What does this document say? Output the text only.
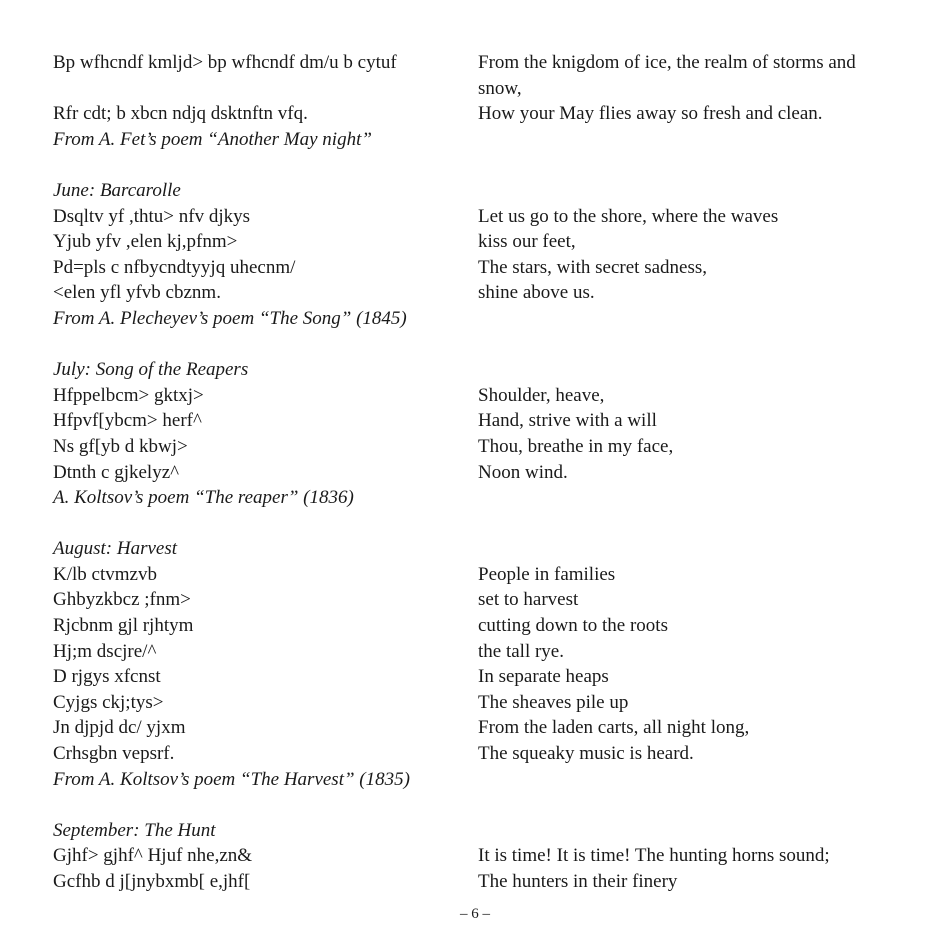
Bp wfhcndf kmljd> bp wfhcndf dm/u b cytuf
Rfr cdt; b xbcn ndjq dsktnftn vfq.
From A. Fet’s poem “Another May night”
June: Barcarolle
Dsqltv yf ,thtu> nfv djkys
Yjub yfv ,elen kj,pfnm>
Pd=pls c nfbycndtyyjq uhecnm/
<elen yfl yfvb cbznm.
From A. Plecheyev’s poem “The Song” (1845)
July: Song of the Reapers
Hfppelbcm> gktxj>
Hfpvf[ybcm> herf^
Ns gf[yb d kbwj>
Dtnth c gjkelyz^
A. Koltsov’s poem “The reaper” (1836)
August: Harvest
K/lb ctvmzvb
Ghbyzkbcz ;fnm>
Rjcbnm gjl rjhtym
Hj;m dscjre/^
D rjgys xfcnst
Cyjgs ckj;tys>
Jn djpjd dc/ yjxm
Crhsgbn vepsrf.
From A. Koltsov’s poem “The Harvest” (1835)
September: The Hunt
Gjhf> gjhf^ Hjuf nhe,zn&
Gcfhb d j[jnybxmb[ e,jhf[
From the knigdom of ice, the realm of storms and snow,
How your May flies away so fresh and clean.
Let us go to the shore, where the waves
kiss our feet,
The stars, with secret sadness,
shine above us.
Shoulder, heave,
Hand, strive with a will
Thou, breathe in my face,
Noon wind.
People in families
set to harvest
cutting down to the roots
the tall rye.
In separate heaps
The sheaves pile up
From the laden carts, all night long,
The squeaky music is heard.
It is time! It is time! The hunting horns sound;
The hunters in their finery
– 6 –
